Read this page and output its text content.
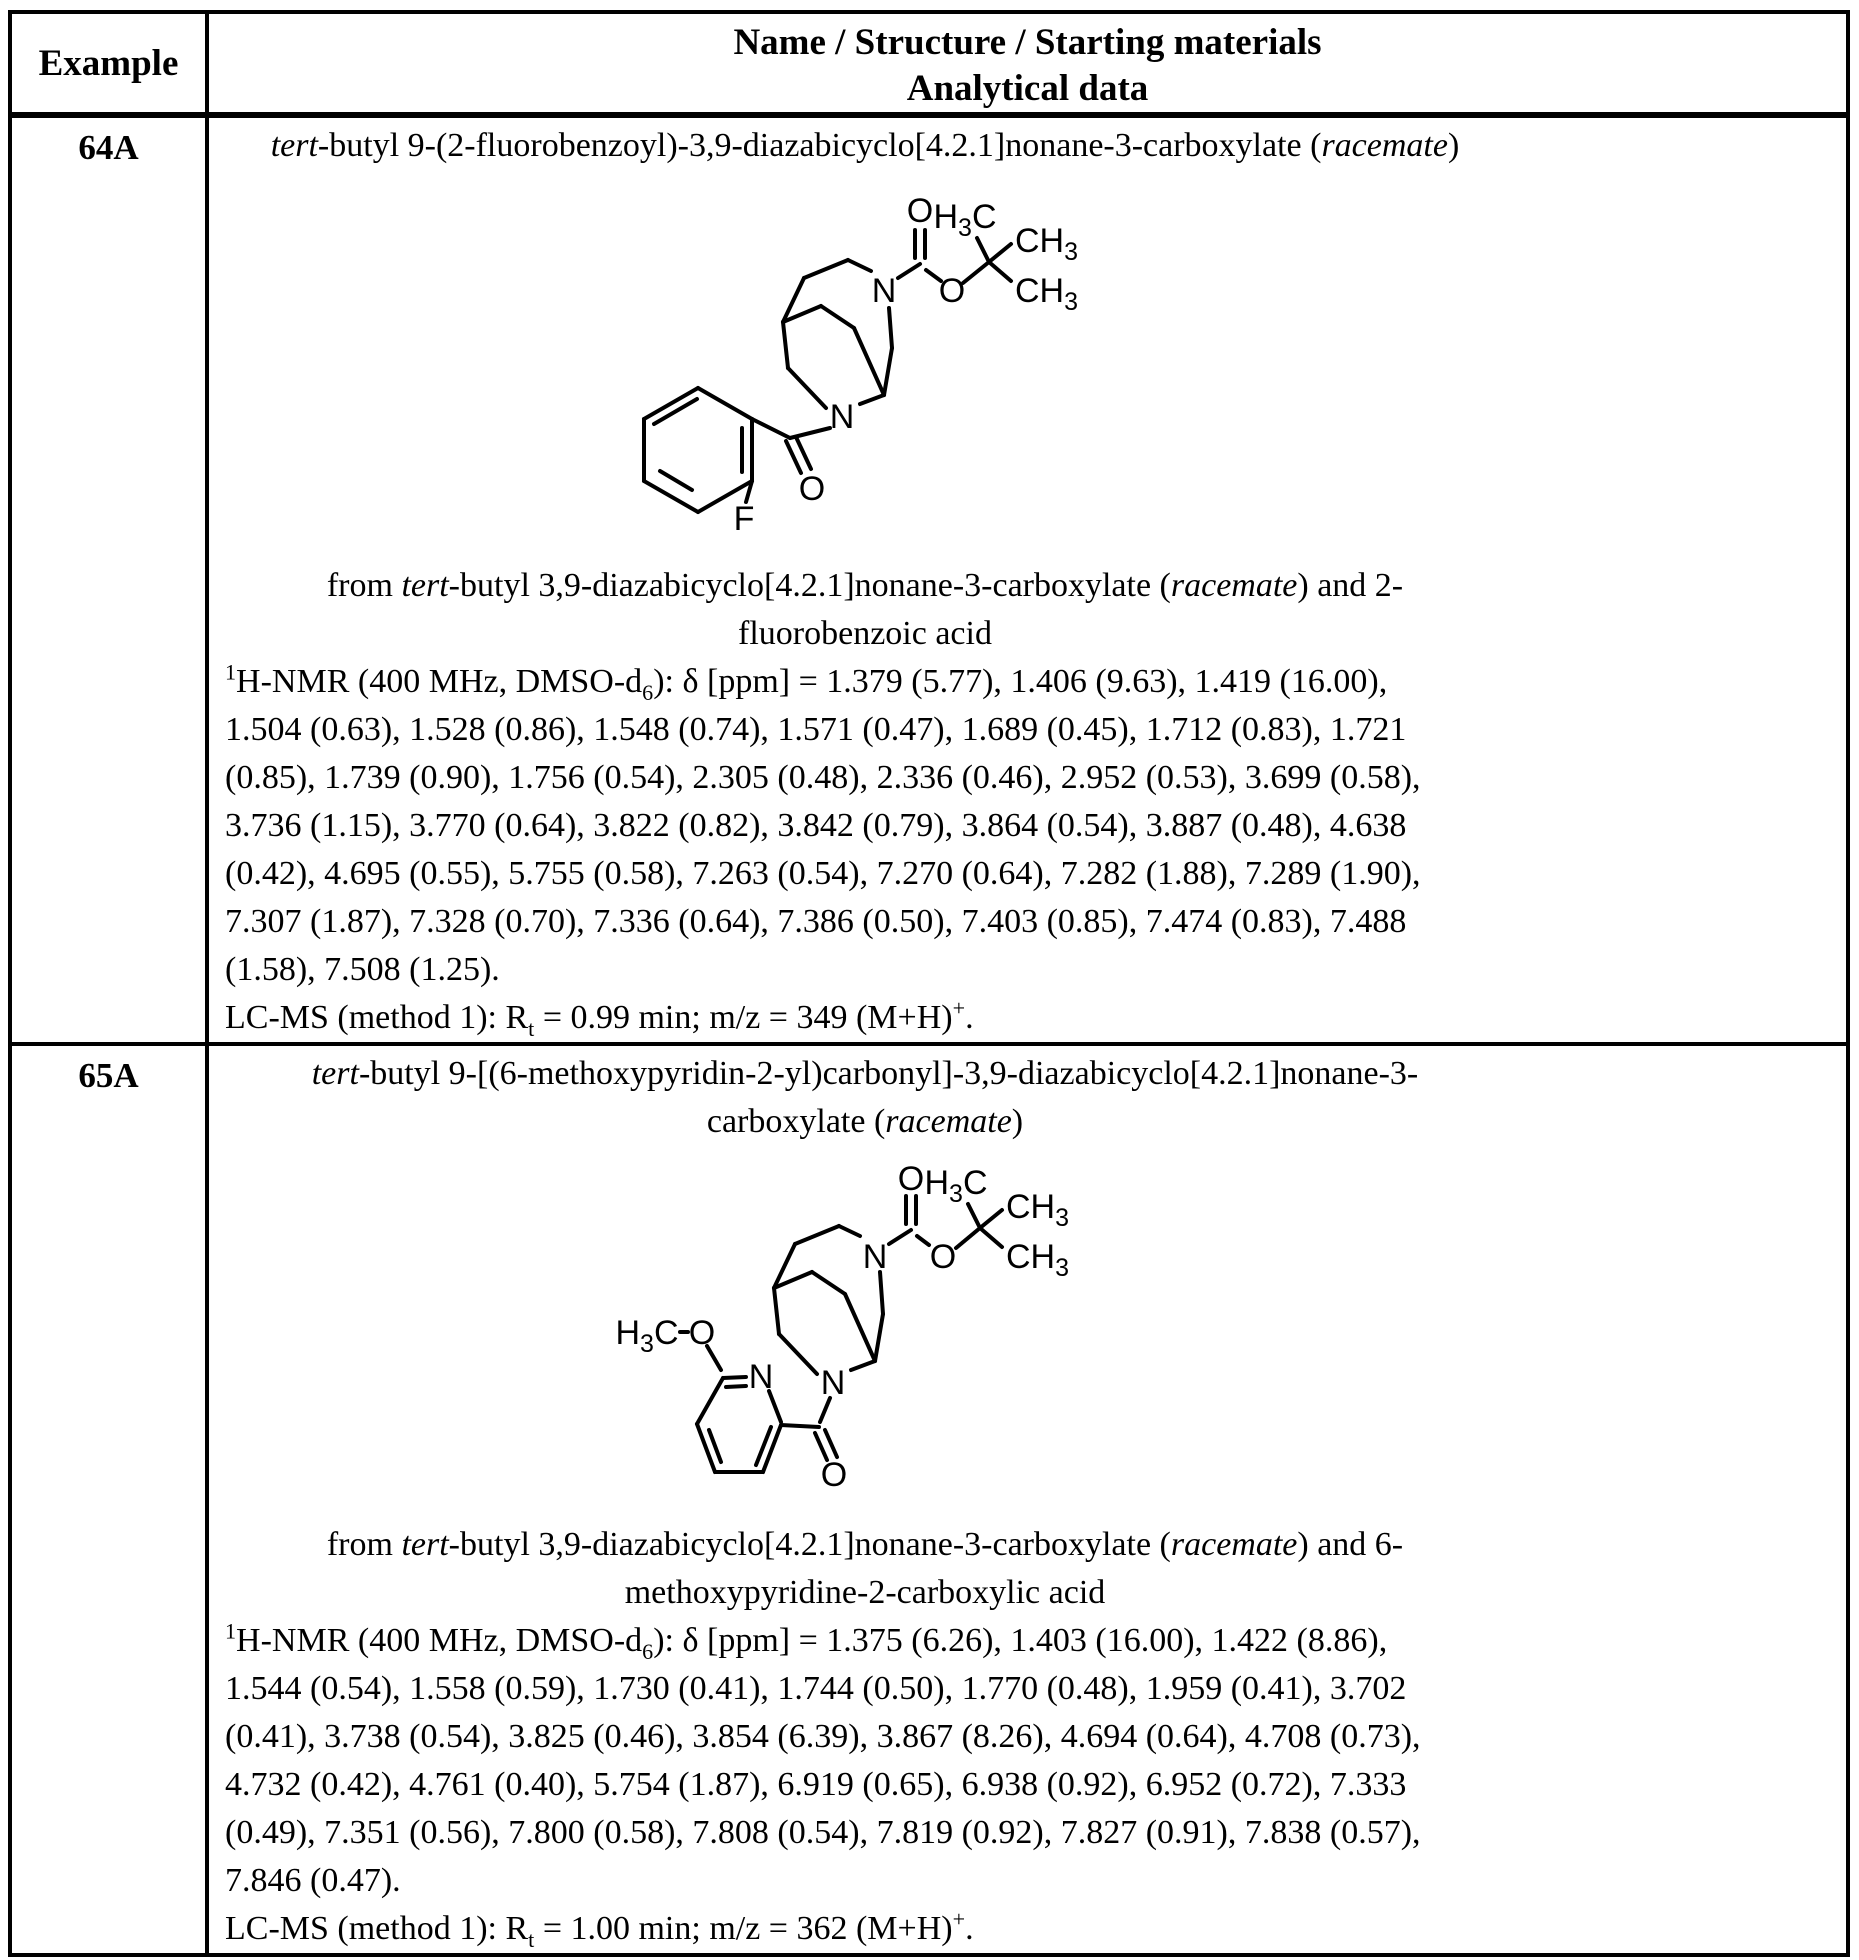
Example	Name / Structure / Starting materials
Analytical data

64A	tert-butyl 9-(2-fluorobenzoyl)-3,9-diazabicyclo[4.2.1]nonane-3-carboxylate (racemate)

O
O
$H_3C$
$CH_3$
$CH_3$
N
N
O
F

from tert-butyl 3,9-diazabicyclo[4.2.1]nonane-3-carboxylate (racemate) and 2-
fluorobenzoic acid

$^1$H-NMR (400 MHz, DMSO-$d_6$): δ [ppm] = 1.379 (5.77), 1.406 (9.63), 1.419 (16.00),
1.504 (0.63), 1.528 (0.86), 1.548 (0.74), 1.571 (0.47), 1.689 (0.45), 1.712 (0.83), 1.721
(0.85), 1.739 (0.90), 1.756 (0.54), 2.305 (0.48), 2.336 (0.46), 2.952 (0.53), 3.699 (0.58),
3.736 (1.15), 3.770 (0.64), 3.822 (0.82), 3.842 (0.79), 3.864 (0.54), 3.887 (0.48), 4.638
(0.42), 4.695 (0.55), 5.755 (0.58), 7.263 (0.54), 7.270 (0.64), 7.282 (1.88), 7.289 (1.90),
7.307 (1.87), 7.328 (0.70), 7.336 (0.64), 7.386 (0.50), 7.403 (0.85), 7.474 (0.83), 7.488
(1.58), 7.508 (1.25).

LC-MS (method 1): $R_t = 0.99$ min; m/z = 349 (M+H)+.

65A	tert-butyl 9-[(6-methoxypyridin-2-yl)carbonyl]-3,9-diazabicyclo[4.2.1]nonane-3-
carboxylate (racemate)

O
O
$H_3C$
$CH_3$
$CH_3$
N
N
O
N
O
$H_3C$

from tert-butyl 3,9-diazabicyclo[4.2.1]nonane-3-carboxylate (racemate) and 6-
methoxypyridine-2-carboxylic acid

$^1$H-NMR (400 MHz, DMSO-$d_6$): δ [ppm] = 1.375 (6.26), 1.403 (16.00), 1.422 (8.86),
1.544 (0.54), 1.558 (0.59), 1.730 (0.41), 1.744 (0.50), 1.770 (0.48), 1.959 (0.41), 3.702
(0.41), 3.738 (0.54), 3.825 (0.46), 3.854 (6.39), 3.867 (8.26), 4.694 (0.64), 4.708 (0.73),
4.732 (0.42), 4.761 (0.40), 5.754 (1.87), 6.919 (0.65), 6.938 (0.92), 6.952 (0.72), 7.333
(0.49), 7.351 (0.56), 7.800 (0.58), 7.808 (0.54), 7.819 (0.92), 7.827 (0.91), 7.838 (0.57),
7.846 (0.47).

LC-MS (method 1): $R_t = 1.00$ min; m/z = 362 (M+H)+.
